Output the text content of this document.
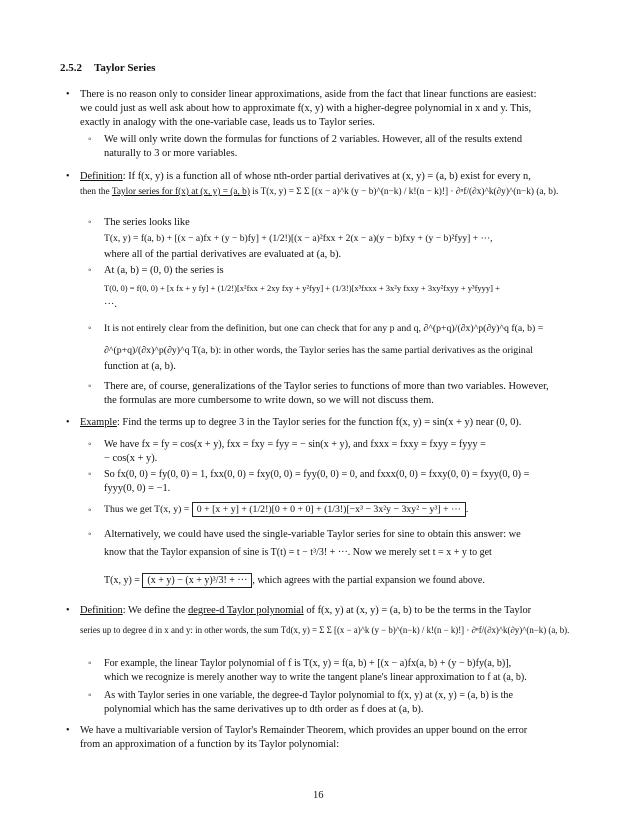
2.5.2 Taylor Series
• There is no reason only to consider linear approximations, aside from the fact that linear functions are easiest:
we could just as well ask about how to approximate f(x, y) with a higher-degree polynomial in x and y. This,
exactly in analogy with the one-variable case, leads us to Taylor series.
◦ We will only write down the formulas for functions of 2 variables. However, all of the results extend
naturally to 3 or more variables.
• Definition: If f(x, y) is a function all of whose nth-order partial derivatives at (x, y) = (a, b) exist for every n,
then the Taylor series for f(x) at (x, y) = (a, b) is T(x, y) = Σ Σ [(x − a)^k (y − b)^(n−k) / k!(n − k)!] · ∂ⁿf/(∂x)^k(∂y)^(n−k) (a, b).
◦ The series looks like
T(x, y) = f(a, b) + [(x − a)fx + (y − b)fy] + (1/2!)[(x − a)²fxx + 2(x − a)(y − b)fxy + (y − b)²fyy] + ···,
where all of the partial derivatives are evaluated at (a, b).
◦ At (a, b) = (0, 0) the series is
T(0, 0) = f(0, 0) + [x fx + y fy] + (1/2!)[x²fxx + 2xy fxy + y²fyy] + (1/3!)[x³fxxx + 3x²y fxxy + 3xy²fxyy + y³fyyy] +
···.
◦ It is not entirely clear from the definition, but one can check that for any p and q, ∂^(p+q)/(∂x)^p(∂y)^q f(a, b) =
∂^(p+q)/(∂x)^p(∂y)^q T(a, b): in other words, the Taylor series has the same partial derivatives as the original
function at (a, b).
◦ There are, of course, generalizations of the Taylor series to functions of more than two variables. However,
the formulas are more cumbersome to write down, so we will not discuss them.
• Example: Find the terms up to degree 3 in the Taylor series for the function f(x, y) = sin(x + y) near (0, 0).
◦ We have fx = fy = cos(x + y), fxx = fxy = fyy = − sin(x + y), and fxxx = fxxy = fxyy = fyyy =
− cos(x + y).
◦ So fx(0, 0) = fy(0, 0) = 1, fxx(0, 0) = fxy(0, 0) = fyy(0, 0) = 0, and fxxx(0, 0) = fxxy(0, 0) = fxyy(0, 0) =
fyyy(0, 0) = −1.
◦ Thus we get T(x, y) = 0 + [x + y] + (1/2!)[0 + 0 + 0] + (1/3!)[−x³ − 3x²y − 3xy² − y³] + ··· .
◦ Alternatively, we could have used the single-variable Taylor series for sine to obtain this answer: we
know that the Taylor expansion of sine is T(t) = t − t³/3! + ···. Now we merely set t = x + y to get
T(x, y) = (x + y) − (x + y)³/3! + ··· , which agrees with the partial expansion we found above.
• Definition: We define the degree-d Taylor polynomial of f(x, y) at (x, y) = (a, b) to be the terms in the Taylor
series up to degree d in x and y: in other words, the sum Td(x, y) = Σ Σ [(x − a)^k (y − b)^(n−k) / k!(n − k)!] · ∂ⁿf/(∂x)^k(∂y)^(n−k) (a, b).
◦ For example, the linear Taylor polynomial of f is T(x, y) = f(a, b) + [(x − a)fx(a, b) + (y − b)fy(a, b)],
which we recognize is merely another way to write the tangent plane's linear approximation to f at (a, b).
◦ As with Taylor series in one variable, the degree-d Taylor polynomial to f(x, y) at (x, y) = (a, b) is the
polynomial which has the same derivatives up to dth order as f does at (a, b).
• We have a multivariable version of Taylor's Remainder Theorem, which provides an upper bound on the error
from an approximation of a function by its Taylor polynomial:
16
